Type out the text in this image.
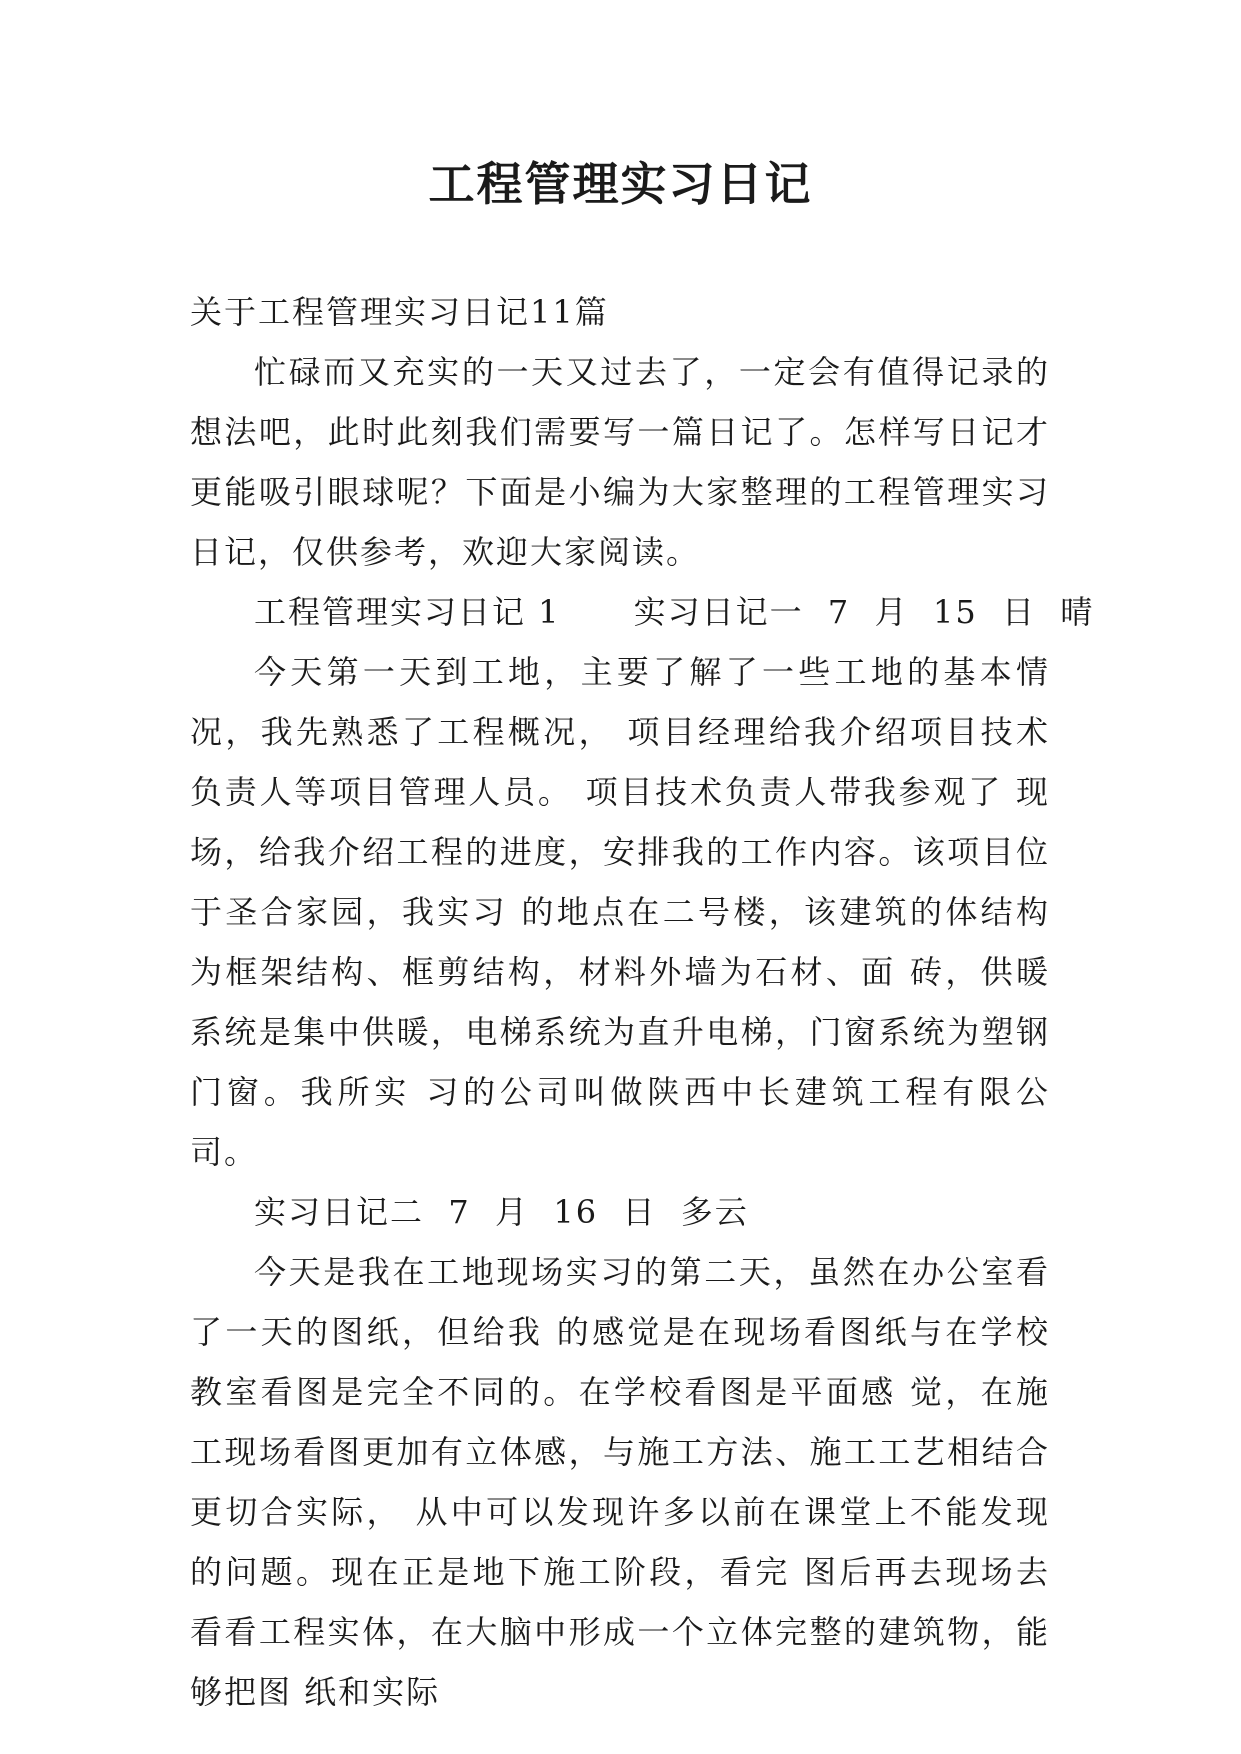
工程管理实习日记

关于工程管理实习日记11篇

忙碌而又充实的一天又过去了，一定会有值得记录的想法吧，此时此刻我们需要写一篇日记了。怎样写日记才更能吸引眼球呢？下面是小编为大家整理的工程管理实习日记，仅供参考，欢迎大家阅读。

工程管理实习日记 1      实习日记一  7  月  15  日  晴

今天第一天到工地，主要了解了一些工地的基本情况，我先熟悉了工程概况， 项目经理给我介绍项目技术负责人等项目管理人员。 项目技术负责人带我参观了 现场，给我介绍工程的进度，安排我的工作内容。该项目位于圣合家园，我实习 的地点在二号楼，该建筑的体结构为框架结构、框剪结构，材料外墙为石材、面 砖，供暖系统是集中供暖，电梯系统为直升电梯，门窗系统为塑钢门窗。我所实 习的公司叫做陕西中长建筑工程有限公司。

实习日记二  7  月  16  日  多云

今天是我在工地现场实习的第二天，虽然在办公室看了一天的图纸，但给我 的感觉是在现场看图纸与在学校教室看图是完全不同的。在学校看图是平面感 觉，在施工现场看图更加有立体感，与施工方法、施工工艺相结合更切合实际， 从中可以发现许多以前在课堂上不能发现的问题。现在正是地下施工阶段，看完 图后再去现场去看看工程实体，在大脑中形成一个立体完整的建筑物，能够把图 纸和实际
